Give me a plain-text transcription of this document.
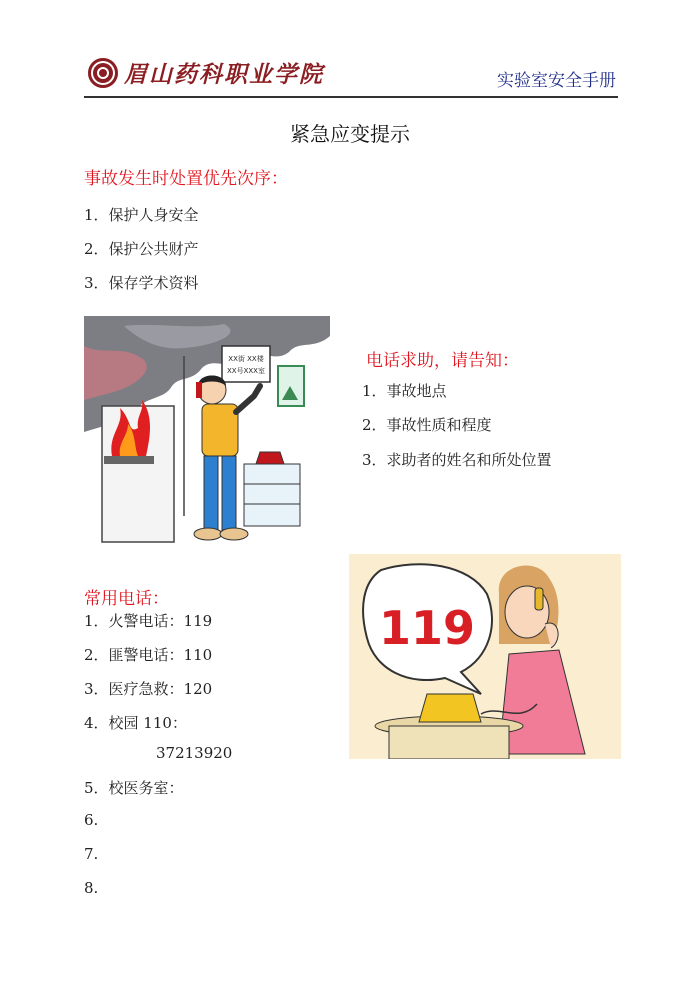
眉山药科职业学院	实验室安全手册
紧急应变提示
事故发生时处置优先次序：
1．保护人身安全
2．保护公共财产
3．保存学术资料
XX街 XX楼
XX号XXX室	电话求助，请告知：
1．事故地点
2．事故性质和程度
3．求助者的姓名和所处位置
119
常用电话：
1．火警电话：119
2．匪警电话：110
3．医疗急救：120
4．校园 110：
37213920
5．校医务室：
6.
7.
8.
